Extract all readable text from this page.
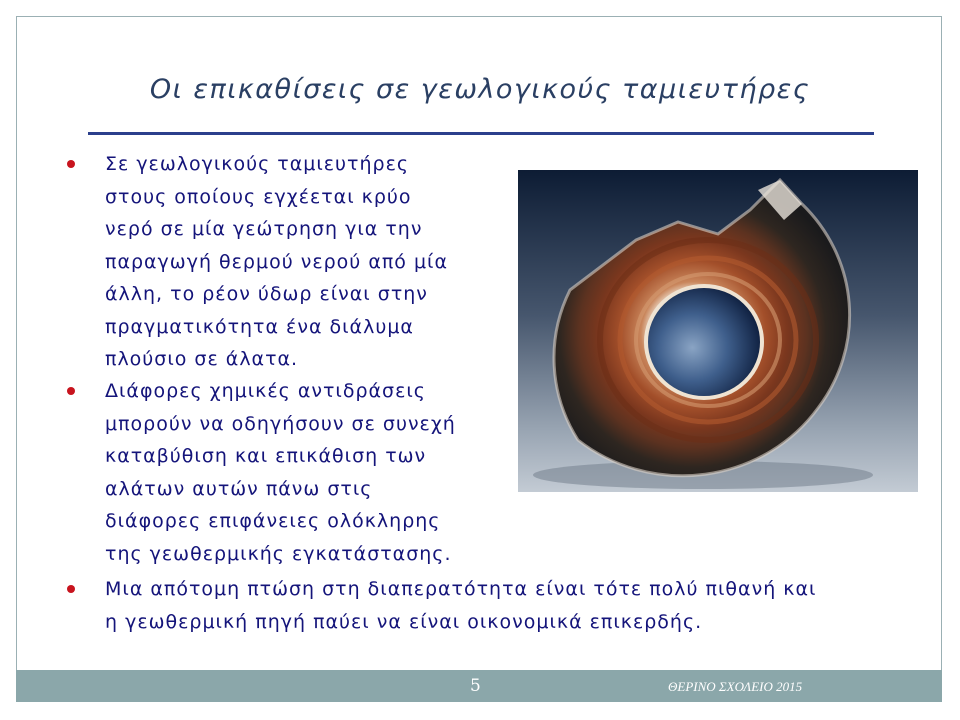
Οι επικαθίσεις σε γεωλογικούς ταμιευτήρες
Σε γεωλογικούς ταμιευτήρες
στους οποίους εγχέεται κρύο
νερό σε μία γεώτρηση για την
παραγωγή θερμού νερού από μία
άλλη, το ρέον ύδωρ είναι στην
πραγματικότητα ένα διάλυμα
πλούσιο σε άλατα.
Διάφορες χημικές αντιδράσεις
μπορούν να οδηγήσουν σε συνεχή
καταβύθιση και επικάθιση των
αλάτων αυτών πάνω στις
διάφορες επιφάνειες ολόκληρης
της γεωθερμικής εγκατάστασης.
Μια απότομη πτώση στη διαπερατότητα είναι τότε πολύ πιθανή και
η γεωθερμική πηγή παύει να είναι οικονομικά επικερδής.
5	ΘΕΡΙΝΟ ΣΧΟΛΕΙΟ 2015
